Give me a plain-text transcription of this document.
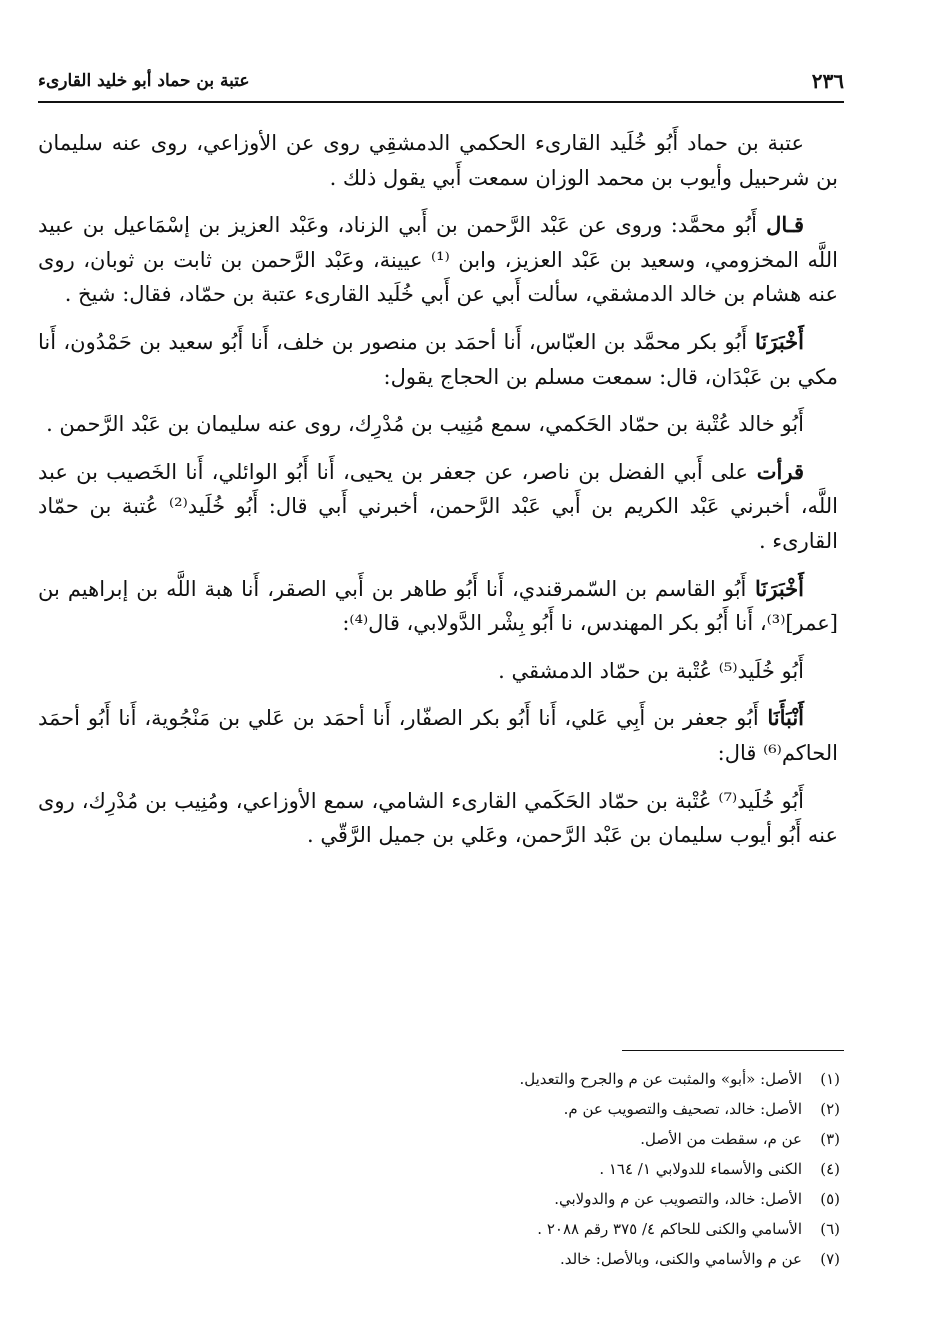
٢٣٦
عتبة بن حماد أبو خليد القارىء

عتبة بن حماد أَبُو خُلَيد القارىء الحكمي الدمشقِي روى عن الأوزاعي، روى عنه سليمان بن شرحبيل وأيوب بن محمد الوزان سمعت أَبي يقول ذلك .

قـال أَبُو محمَّد: وروى عن عَبْد الرَّحمن بن أَبي الزناد، وعَبْد العزيز بن إسْمَاعيل بن عبيد اللَّه المخزومي، وسعيد بن عَبْد العزيز، وابن ⁽¹⁾ عيينة، وعَبْد الرَّحمن بن ثابت بن ثوبان، روى عنه هشام بن خالد الدمشقي، سألت أَبي عن أَبي خُلَيد القارىء عتبة بن حمّاد، فقال: شيخ .

أَخْبَرَنَا أَبُو بكر محمَّد بن العبّاس، أَنا أحمَد بن منصور بن خلف، أَنا أَبُو سعيد بن حَمْدُون، أَنا مكي بن عَبْدَان، قال: سمعت مسلم بن الحجاج يقول:

أَبُو خالد عُتْبة بن حمّاد الحَكمي، سمع مُنِيب بن مُدْرِك، روى عنه سليمان بن عَبْد الرَّحمن .

قرأت على أَبي الفضل بن ناصر، عن جعفر بن يحيى، أَنا أَبُو الوائلي، أَنا الخَصيب بن عبد اللَّه، أخبرني عَبْد الكريم بن أَبي عَبْد الرَّحمن، أخبرني أَبي قال: أَبُو خُلَيد⁽²⁾ عُتبة بن حمّاد القارىء .

أَخْبَرَنَا أَبُو القاسم بن السّمرقندي، أَنا أَبُو طاهر بن أَبي الصقر، أَنا هبة اللَّه بن إبراهيم بن [عمر]⁽³⁾، أَنا أَبُو بكر المهندس، نا أَبُو بِشْر الدَّولابي، قال⁽⁴⁾:

أَبُو خُلَيد⁽⁵⁾ عُتْبة بن حمّاد الدمشقي .

أَنْبَأَنَا أَبُو جعفر بن أَبِي عَلي، أَنا أَبُو بكر الصفّار، أَنا أحمَد بن عَلي بن مَنْجُوية، أَنا أَبُو أحمَد الحاكم⁽⁶⁾ قال:

أَبُو خُلَيد⁽⁷⁾ عُتْبة بن حمّاد الحَكَمي القارىء الشامي، سمع الأوزاعي، ومُنِيب بن مُدْرِك، روى عنه أَبُو أيوب سليمان بن عَبْد الرَّحمن، وعَلي بن جميل الرَّقّي .

(١)
الأصل: «أبو» والمثبت عن م والجرح والتعديل.
(٢)
الأصل: خالد، تصحيف والتصويب عن م.
(٣)
عن م، سقطت من الأصل.
(٤)
الكنى والأسماء للدولابي ١/ ١٦٤ .
(٥)
الأصل: خالد، والتصويب عن م والدولابي.
(٦)
الأسامي والكنى للحاكم ٤/ ٣٧٥ رقم ٢٠٨٨ .
(٧)
عن م والأسامي والكنى، وبالأصل: خالد.
